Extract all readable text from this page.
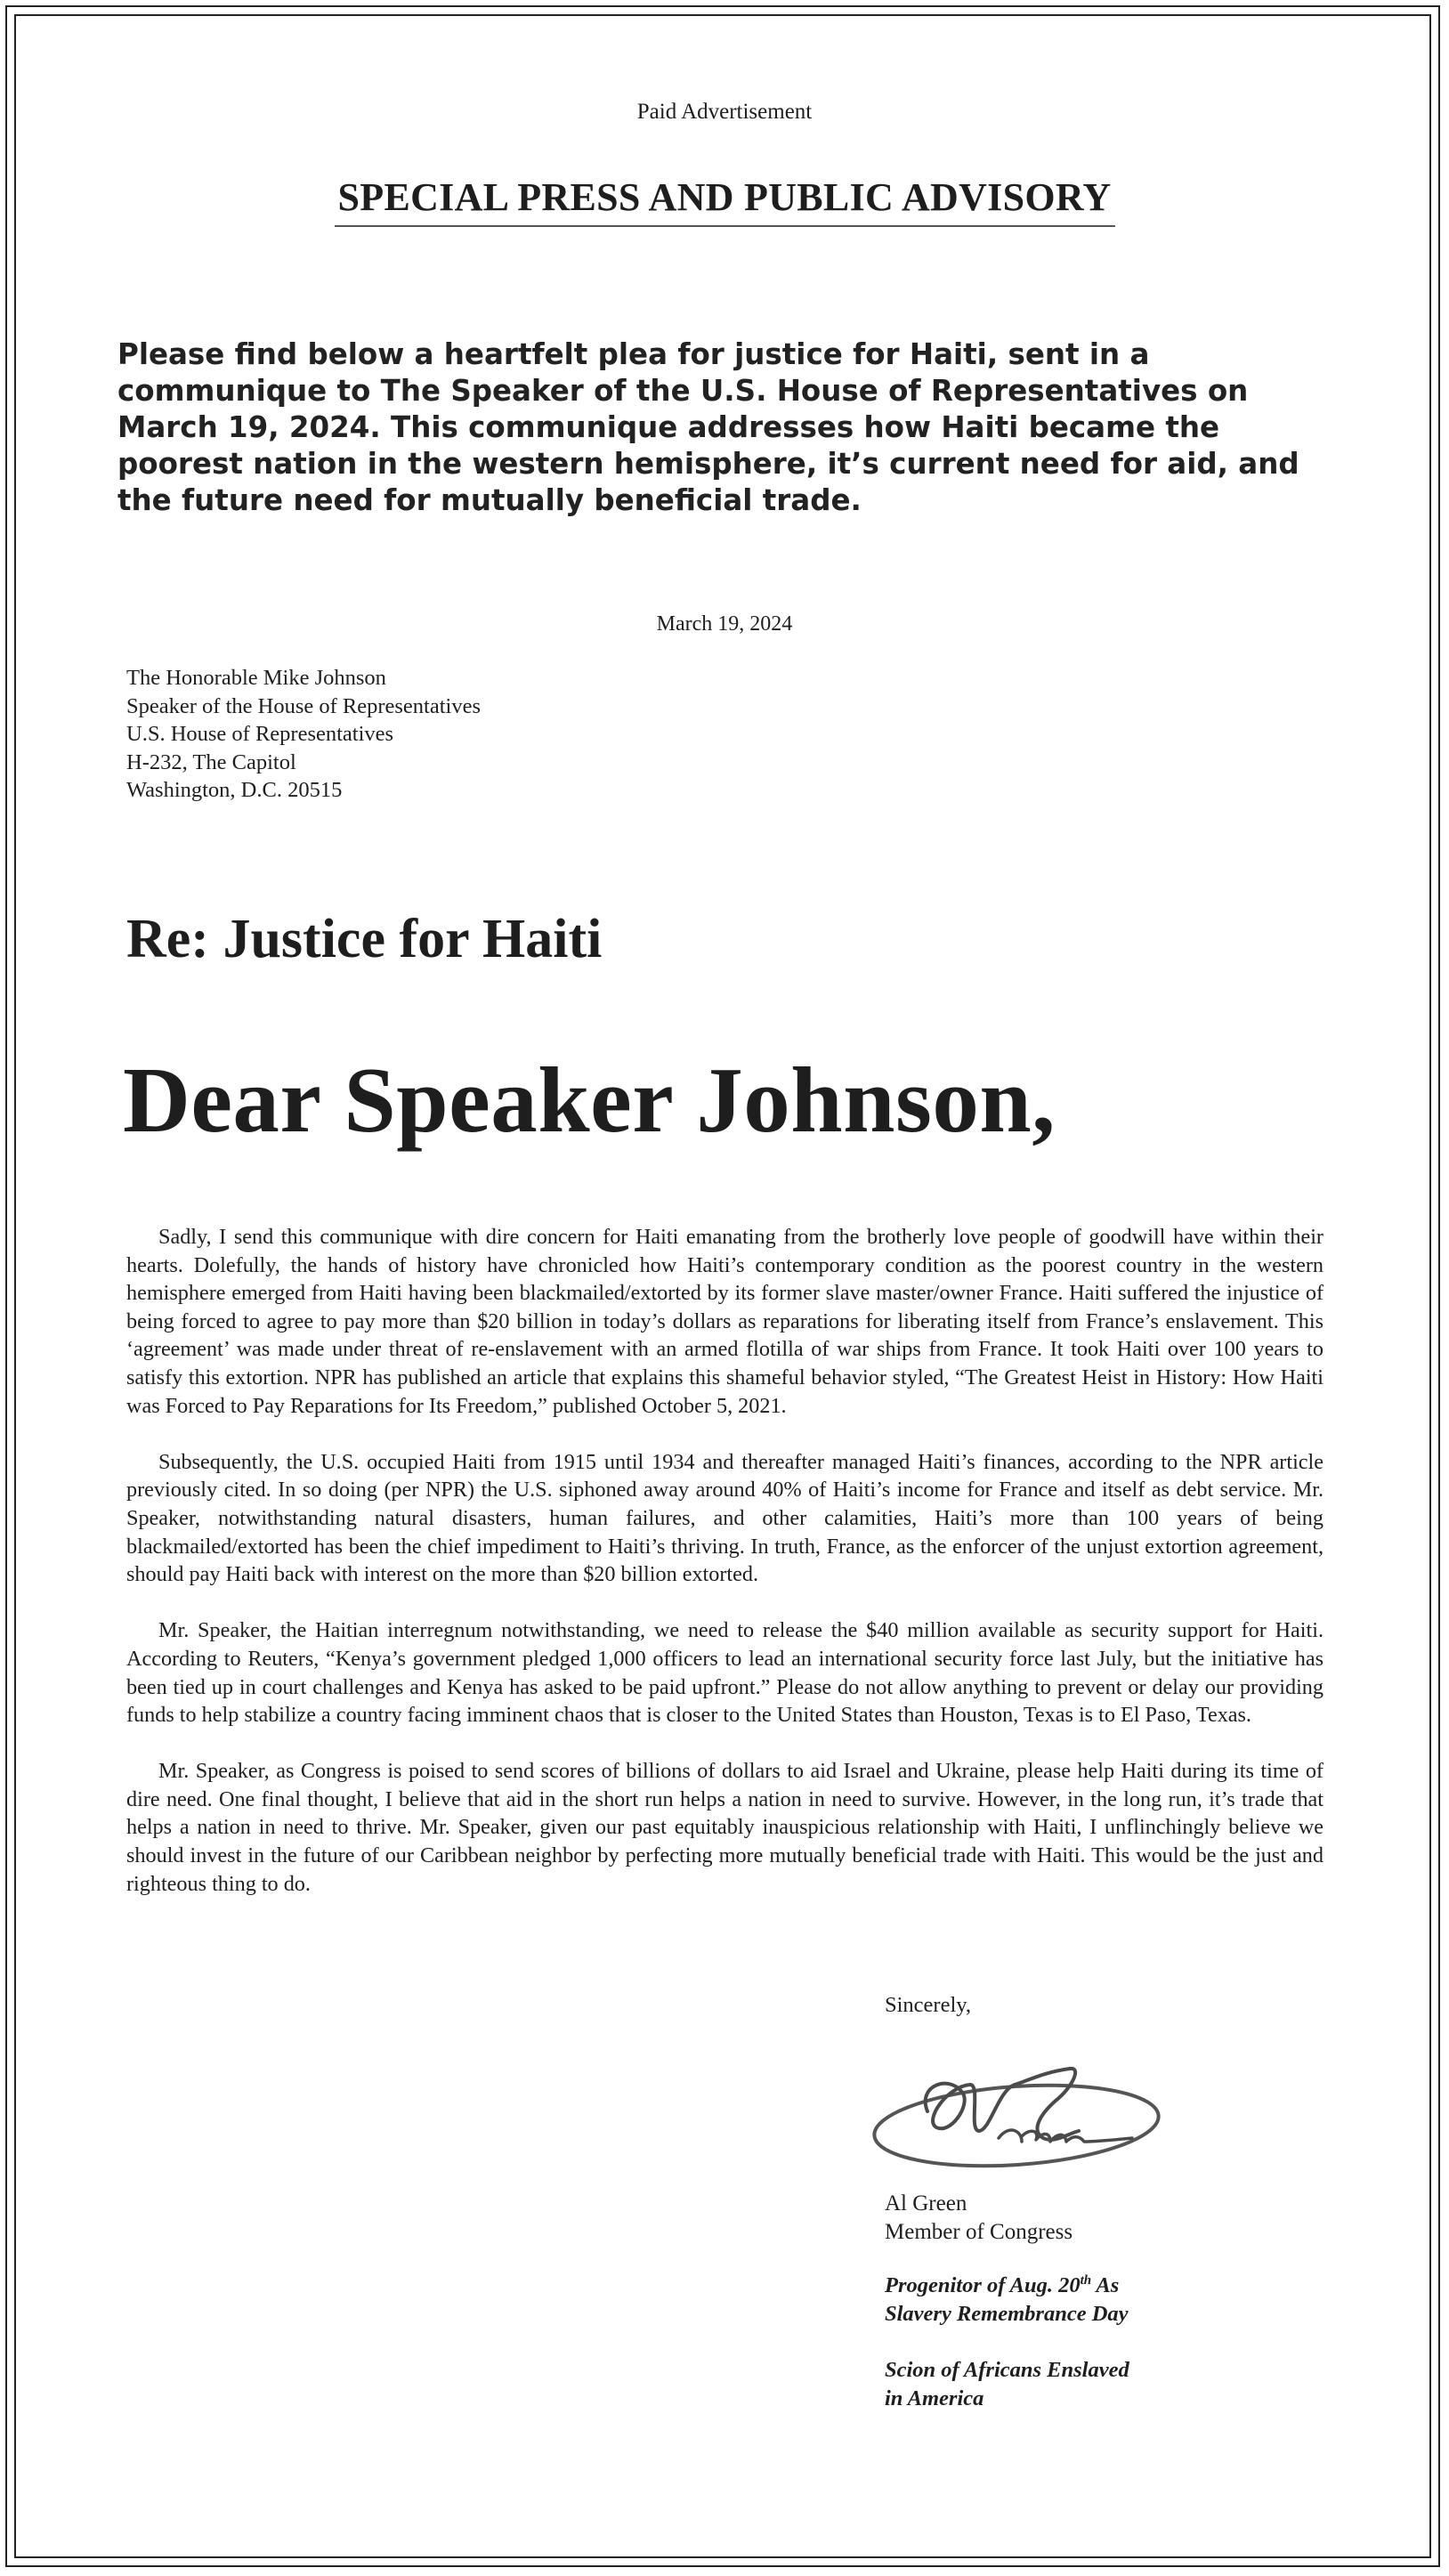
Paid Advertisement
SPECIAL PRESS AND PUBLIC ADVISORY
Please find below a heartfelt plea for justice for Haiti, sent in a communique to The Speaker of the U.S. House of Representatives on March 19, 2024. This communique addresses how Haiti became the poorest nation in the western hemisphere, it’s current need for aid, and the future need for mutually beneficial trade.
March 19, 2024
The Honorable Mike Johnson
Speaker of the House of Representatives
U.S. House of Representatives
H-232, The Capitol
Washington, D.C. 20515
Re: Justice for Haiti
Dear Speaker Johnson,

Sadly, I send this communique with dire concern for Haiti emanating from the brotherly love people of goodwill have within their hearts. Dolefully, the hands of history have chronicled how Haiti’s contemporary condition as the poorest country in the western hemisphere emerged from Haiti having been blackmailed/extorted by its former slave master/owner France. Haiti suffered the injustice of being forced to agree to pay more than $20 billion in today’s dollars as reparations for liberating itself from France’s enslavement. This ‘agreement’ was made under threat of re-enslavement with an armed flotilla of war ships from France. It took Haiti over 100 years to satisfy this extortion. NPR has published an article that explains this shameful behavior styled, “The Greatest Heist in History: How Haiti was Forced to Pay Reparations for Its Freedom,” published October 5, 2021.

Subsequently, the U.S. occupied Haiti from 1915 until 1934 and thereafter managed Haiti’s finances, according to the NPR article previously cited. In so doing (per NPR) the U.S. siphoned away around 40% of Haiti’s income for France and itself as debt service. Mr. Speaker, notwithstanding natural disasters, human failures, and other calamities, Haiti’s more than 100 years of being blackmailed/extorted has been the chief impediment to Haiti’s thriving. In truth, France, as the enforcer of the unjust extortion agreement, should pay Haiti back with interest on the more than $20 billion extorted.

Mr. Speaker, the Haitian interregnum notwithstanding, we need to release the $40 million available as security support for Haiti. According to Reuters, “Kenya’s government pledged 1,000 officers to lead an international security force last July, but the initiative has been tied up in court challenges and Kenya has asked to be paid upfront.” Please do not allow anything to prevent or delay our providing funds to help stabilize a country facing imminent chaos that is closer to the United States than Houston, Texas is to El Paso, Texas.

Mr. Speaker, as Congress is poised to send scores of billions of dollars to aid Israel and Ukraine, please help Haiti during its time of dire need. One final thought, I believe that aid in the short run helps a nation in need to survive. However, in the long run, it’s trade that helps a nation in need to thrive. Mr. Speaker, given our past equitably inauspicious relationship with Haiti, I unflinchingly believe we should invest in the future of our Caribbean neighbor by perfecting more mutually beneficial trade with Haiti. This would be the just and righteous thing to do.

Sincerely,
Al Green
Member of Congress
Progenitor of Aug. 20th As
Slavery Remembrance Day
Scion of Africans Enslaved
in America
